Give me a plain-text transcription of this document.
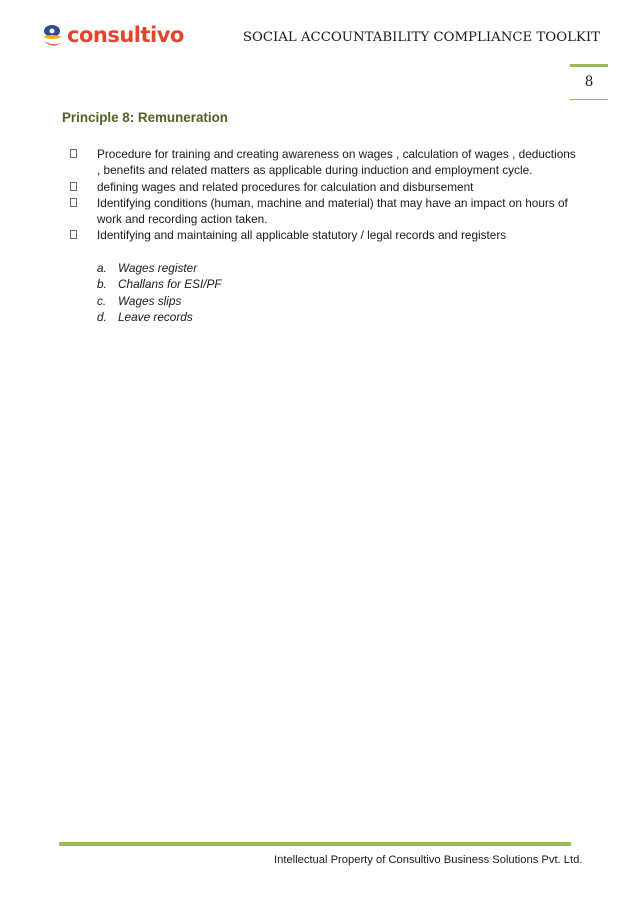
consultivo	SOCIAL ACCOUNTABILITY COMPLIANCE TOOLKIT
8
Principle 8: Remuneration
Procedure for training and creating awareness on wages , calculation of wages , deductions , benefits and related matters as applicable during induction and employment cycle.
defining wages and related procedures for calculation and disbursement
Identifying conditions (human, machine and material) that may have an impact on hours of work and recording action taken.
Identifying and maintaining all applicable statutory / legal records and registers
a. Wages register
b. Challans for ESI/PF
c. Wages slips
d. Leave records
Intellectual Property of Consultivo Business Solutions Pvt. Ltd.
